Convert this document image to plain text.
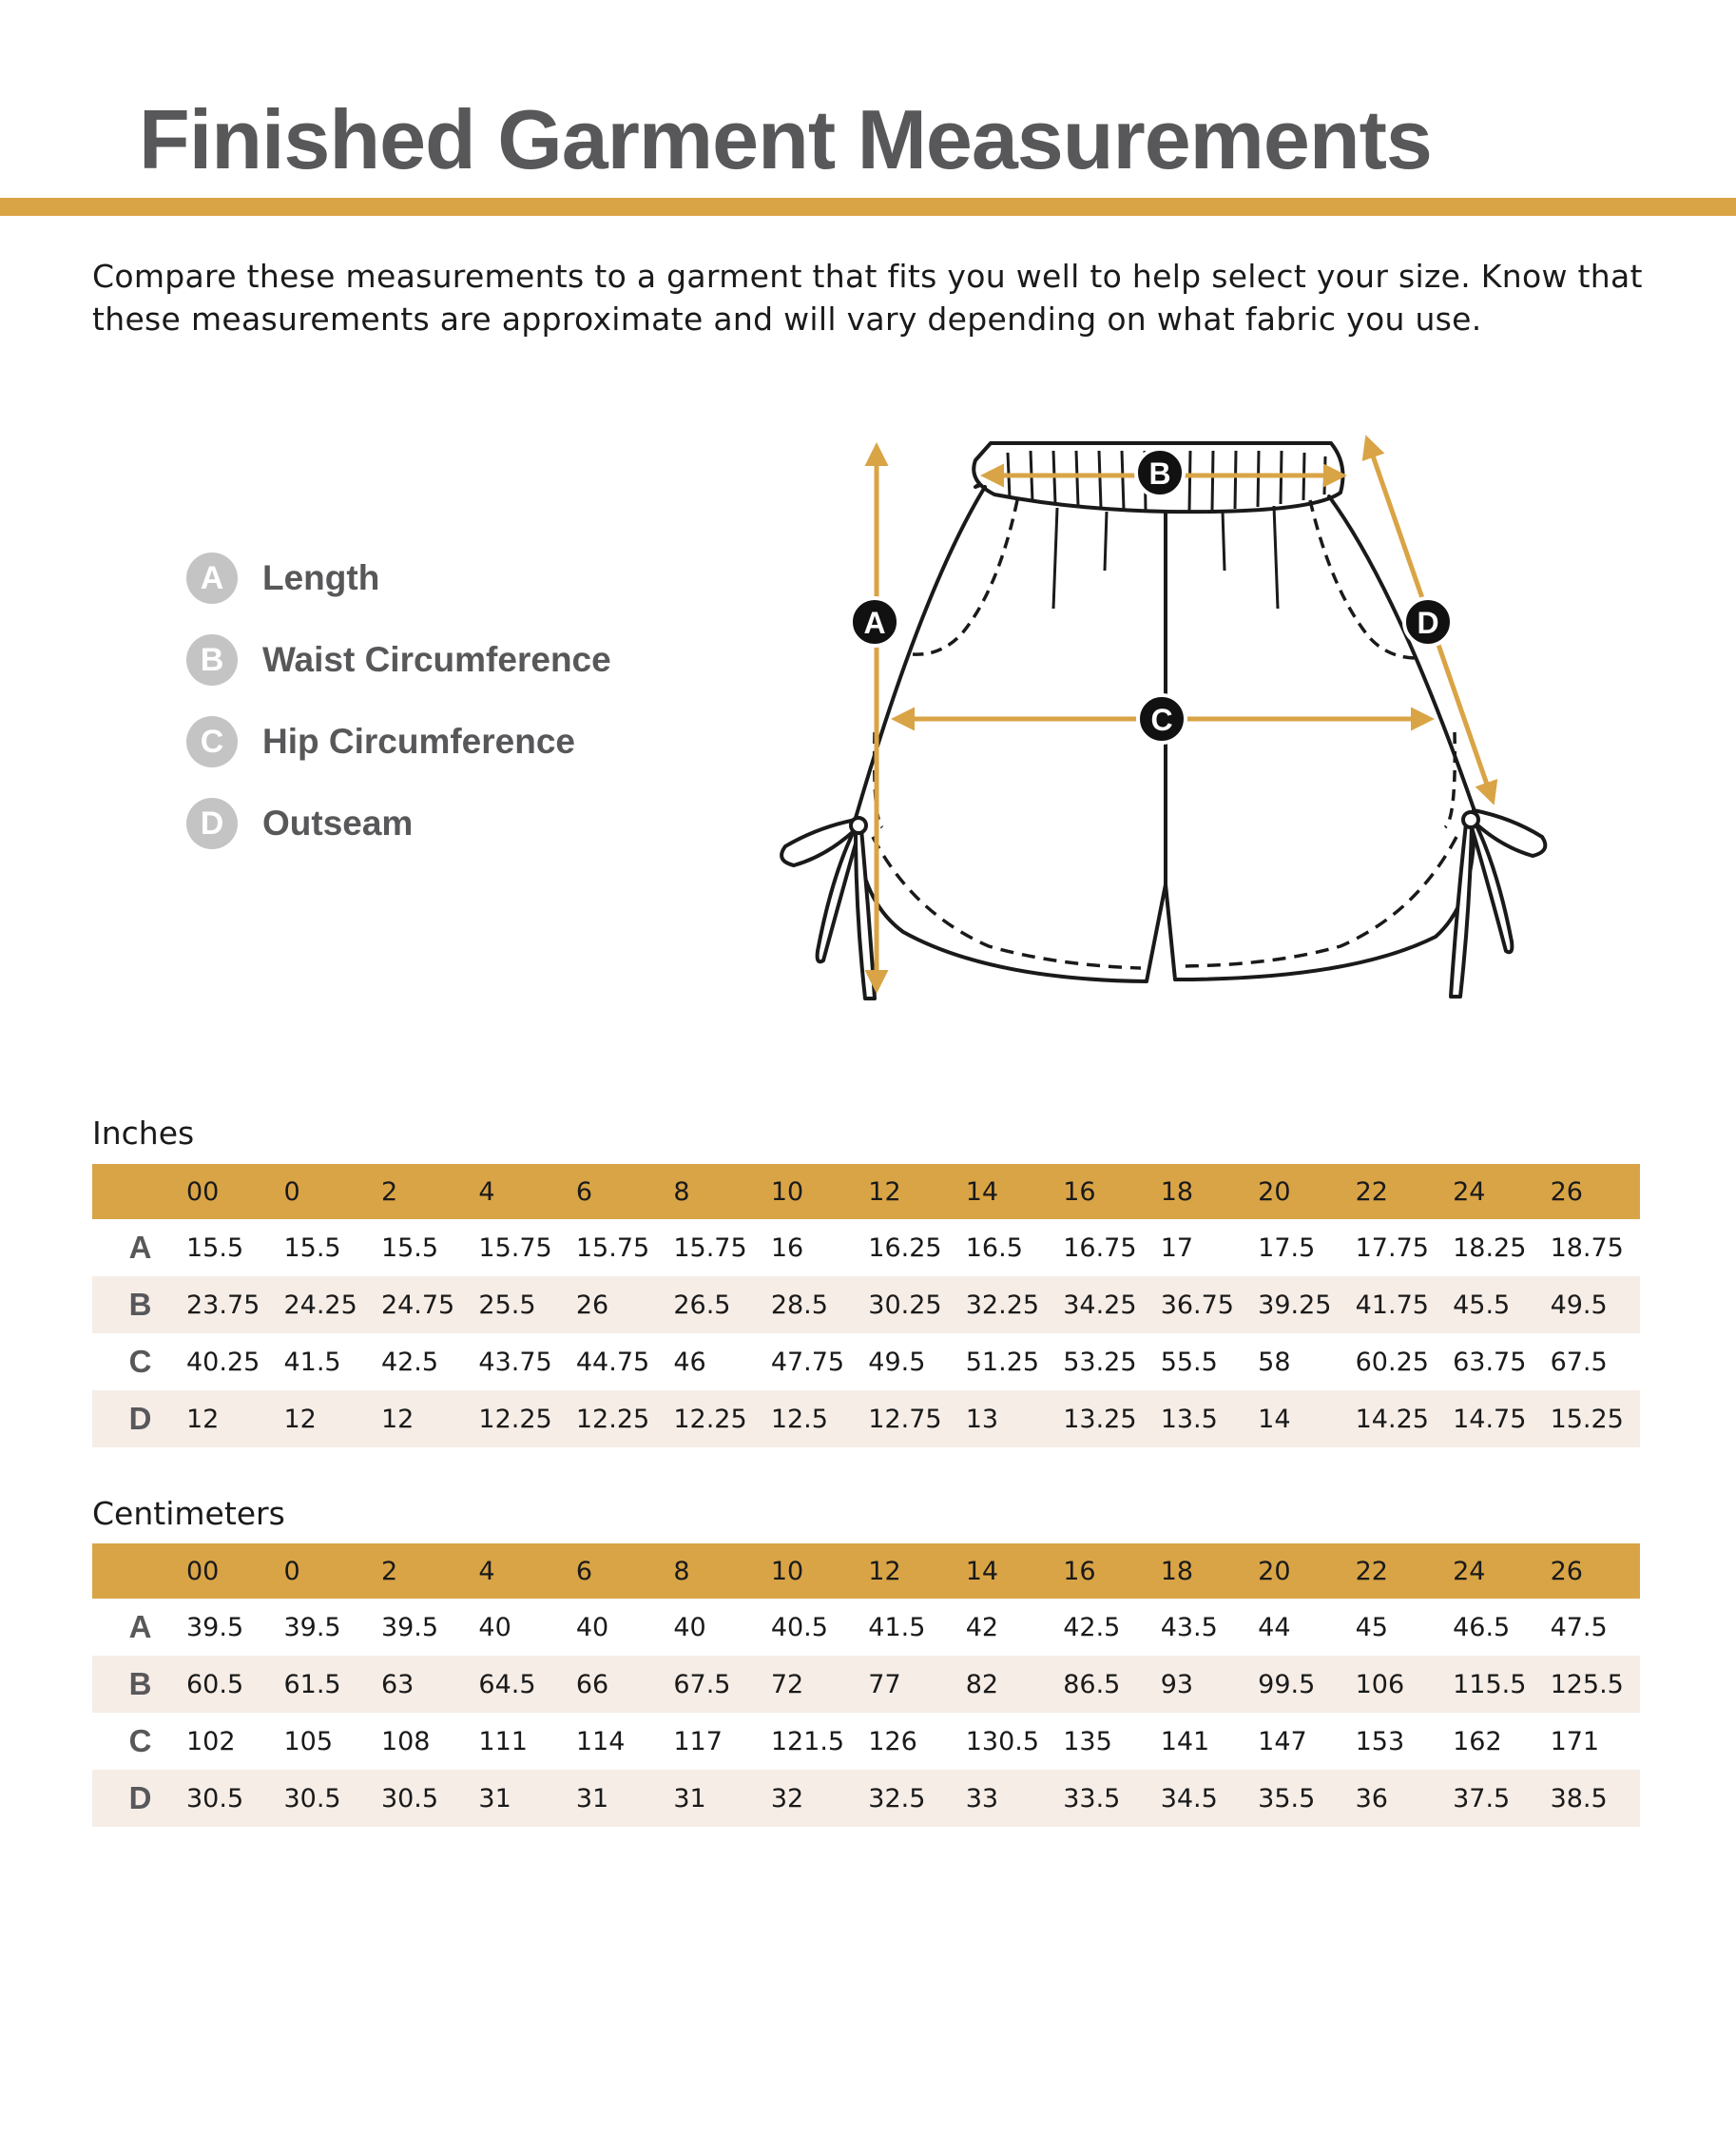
Finished Garment Measurements

Compare these measurements to a garment that fits you well to help select your size. Know that these measurements are approximate and will vary depending on what fabric you use.

A	Length
B	Waist Circumference
C	Hip Circumference
D	Outseam
A
B
C
D

Inches

	00	0	2	4	6	8	10	12	14	16	18	20	22	24	26
A	15.5	15.5	15.5	15.75	15.75	15.75	16	16.25	16.5	16.75	17	17.5	17.75	18.25	18.75
B	23.75	24.25	24.75	25.5	26	26.5	28.5	30.25	32.25	34.25	36.75	39.25	41.75	45.5	49.5
C	40.25	41.5	42.5	43.75	44.75	46	47.75	49.5	51.25	53.25	55.5	58	60.25	63.75	67.5
D	12	12	12	12.25	12.25	12.25	12.5	12.75	13	13.25	13.5	14	14.25	14.75	15.25

Centimeters

	00	0	2	4	6	8	10	12	14	16	18	20	22	24	26
A	39.5	39.5	39.5	40	40	40	40.5	41.5	42	42.5	43.5	44	45	46.5	47.5
B	60.5	61.5	63	64.5	66	67.5	72	77	82	86.5	93	99.5	106	115.5	125.5
C	102	105	108	111	114	117	121.5	126	130.5	135	141	147	153	162	171
D	30.5	30.5	30.5	31	31	31	32	32.5	33	33.5	34.5	35.5	36	37.5	38.5
